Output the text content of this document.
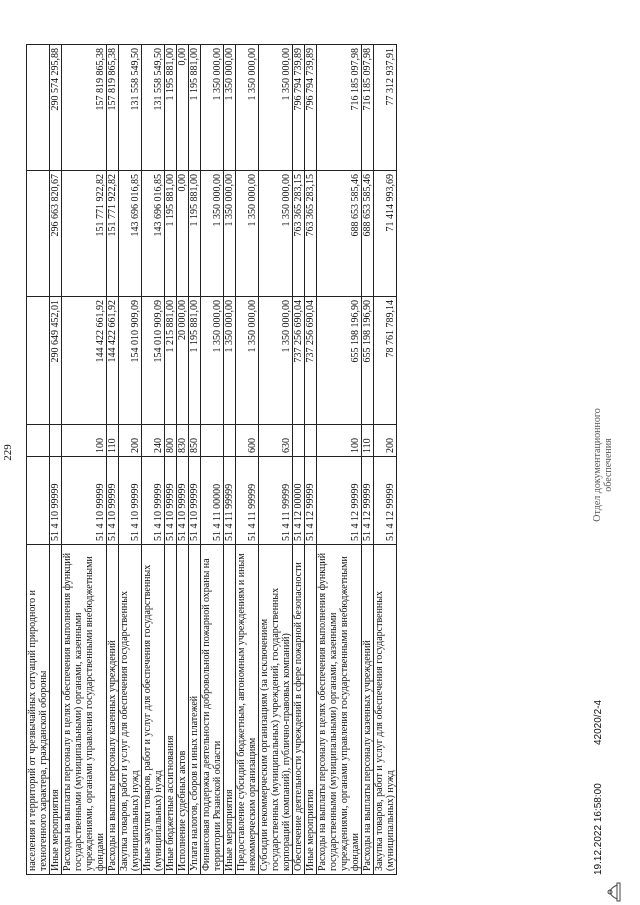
229
населения и территорий от чрезвычайных ситуаций природного и техногенного характера, гражданской обороны					
Иные мероприятия	51 4 10 99999		290 649 452,01	296 663 820,67	290 574 295,88
Расходы на выплаты персоналу в целях обеспечения выполнения функций государственными (муниципальными) органами, казенными учреждениями, органами управления государственными внебюджетными фондами	51 4 10 99999	100	144 422 661,92	151 771 922,82	157 819 865,38
Расходы на выплаты персоналу казенных учреждений	51 4 10 99999	110	144 422 661,92	151 771 922,82	157 819 865,38
Закупка товаров, работ и услуг для обеспечения государственных (муниципальных) нужд	51 4 10 99999	200	154 010 909,09	143 696 016,85	131 558 549,50
Иные закупки товаров, работ и услуг для обеспечения государственных (муниципальных) нужд	51 4 10 99999	240	154 010 909,09	143 696 016,85	131 558 549,50
Иные бюджетные ассигнования	51 4 10 99999	800	1 215 881,00	1 195 881,00	1 195 881,00
Исполнение судебных актов	51 4 10 99999	830	20 000,00	0,00	0,00
Уплата налогов, сборов и иных платежей	51 4 10 99999	850	1 195 881,00	1 195 881,00	1 195 881,00
Финансовая поддержка деятельности добровольной пожарной охраны на территории Рязанской области	51 4 11 00000		1 350 000,00	1 350 000,00	1 350 000,00
Иные мероприятия	51 4 11 99999		1 350 000,00	1 350 000,00	1 350 000,00
Предоставление субсидий бюджетным, автономным учреждениям и иным некоммерческим организациям	51 4 11 99999	600	1 350 000,00	1 350 000,00	1 350 000,00
Субсидии некоммерческим организациям (за исключением государственных (муниципальных) учреждений, государственных корпораций (компаний), публично-правовых компаний)	51 4 11 99999	630	1 350 000,00	1 350 000,00	1 350 000,00
Обеспечение деятельности учреждений в сфере пожарной безопасности	51 4 12 00000		737 256 690,04	763 365 283,15	796 794 739,89
Иные мероприятия	51 4 12 99999		737 256 690,04	763 365 283,15	796 794 739,89
Расходы на выплаты персоналу в целях обеспечения выполнения функций государственными (муниципальными) органами, казенными учреждениями, органами управления государственными внебюджетными фондами	51 4 12 99999	100	655 198 196,90	688 653 585,46	716 185 097,98
Расходы на выплаты персоналу казенных учреждений	51 4 12 99999	110	655 198 196,90	688 653 585,46	716 185 097,98
Закупка товаров, работ и услуг для обеспечения государственных (муниципальных) нужд	51 4 12 99999	200	78 761 789,14	71 414 993,69	77 312 937,91
19.12.2022 16:58:00
42020/2-4
Отдел документационного обеспечения
